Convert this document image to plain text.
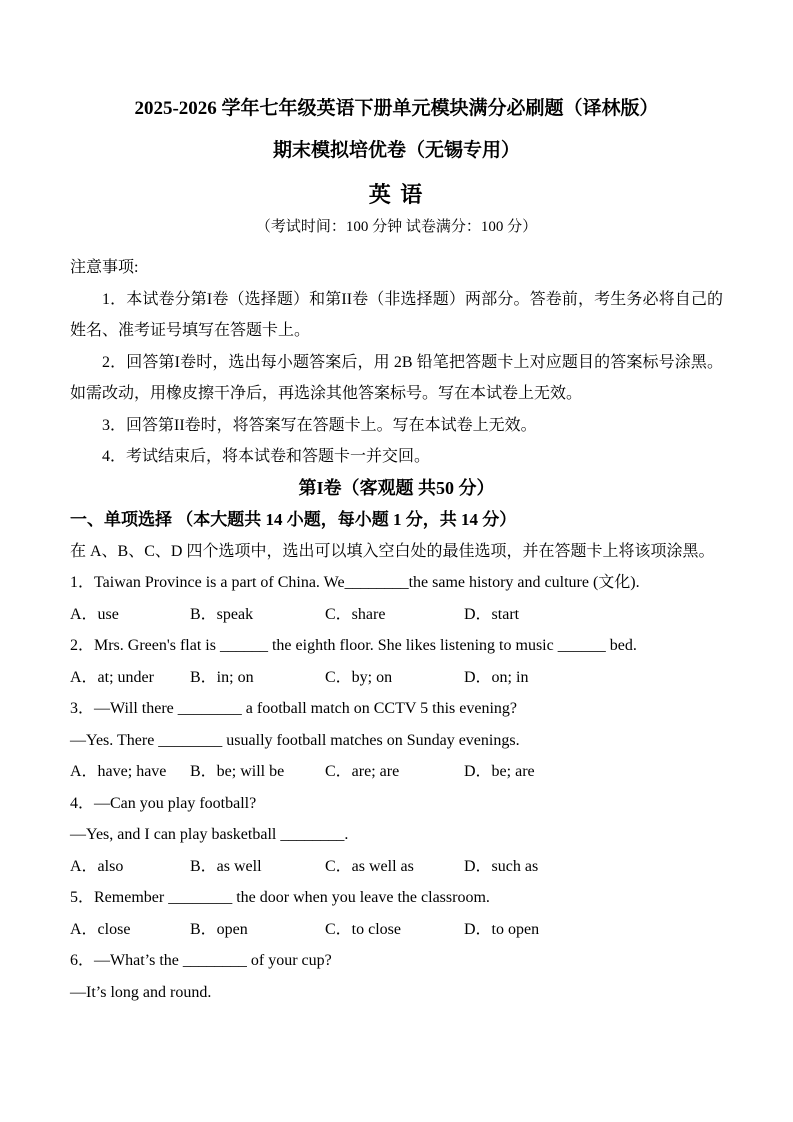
2025-2026 学年七年级英语下册单元模块满分必刷题（译林版）
期末模拟培优卷（无锡专用）
英 语
（考试时间：100 分钟 试卷满分：100 分）

注意事项:

1．本试卷分第I卷（选择题）和第II卷（非选择题）两部分。答卷前，考生务必将自己的姓名、准考证号填写在答题卡上。

2．回答第I卷时，选出每小题答案后，用 2B 铅笔把答题卡上对应题目的答案标号涂黑。如需改动，用橡皮擦干净后，再选涂其他答案标号。写在本试卷上无效。

3．回答第II卷时，将答案写在答题卡上。写在本试卷上无效。

4．考试结束后，将本试卷和答题卡一并交回。

第I卷（客观题 共50 分）

一、单项选择 （本大题共 14 小题，每小题 1 分，共 14 分）

在 A、B、C、D 四个选项中，选出可以填入空白处的最佳选项，并在答题卡上将该项涂黑。

1．Taiwan Province is a part of China. We________the same history and culture (文化).

A．use	B．speak	C．share	D．start

2．Mrs. Green's flat is ______ the eighth floor. She likes listening to music ______ bed.

A．at; under	B．in; on	C．by; on	D．on; in

3．—Will there ________ a football match on CCTV 5 this evening?

—Yes. There ________ usually football matches on Sunday evenings.

A．have; have	B．be; will be	C．are; are	D．be; are

4．—Can you play football?

—Yes, and I can play basketball ________.

A．also	B．as well	C．as well as	D．such as

5．Remember ________ the door when you leave the classroom.

A．close	B．open	C．to close	D．to open

6．—What’s the ________ of your cup?

—It’s long and round.
